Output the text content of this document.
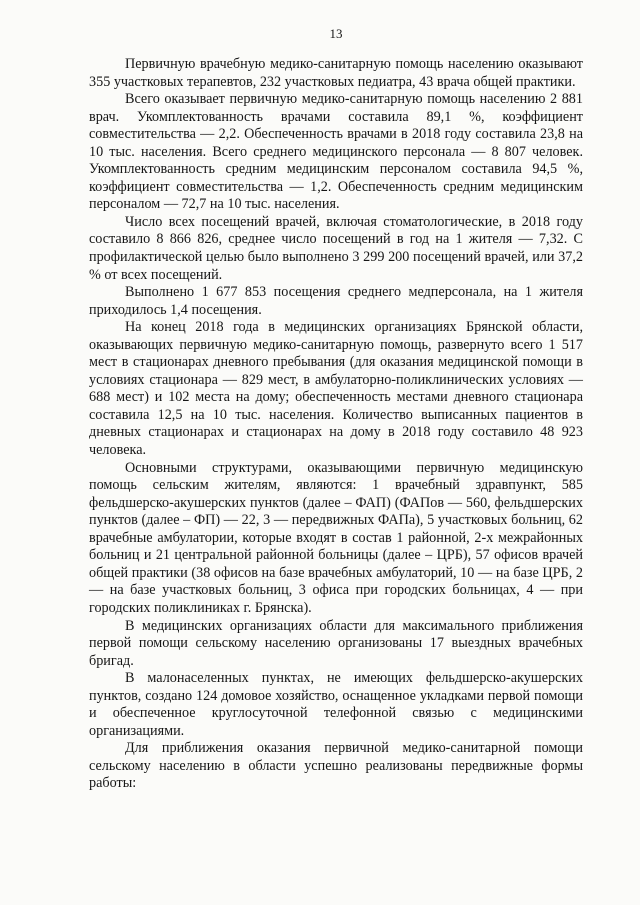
13

Первичную врачебную медико-санитарную помощь населению оказывают 355 участковых терапевтов, 232 участковых педиатра, 43 врача общей практики.

Всего оказывает первичную медико-санитарную помощь населению 2 881 врач. Укомплектованность врачами составила 89,1 %, коэффициент совместительства — 2,2. Обеспеченность врачами в 2018 году составила 23,8 на 10 тыс. населения. Всего среднего медицинского персонала — 8 807 человек. Укомплектованность средним медицинским персоналом составила 94,5 %, коэффициент совместительства — 1,2. Обеспеченность средним медицинским персоналом — 72,7 на 10 тыс. населения.

Число всех посещений врачей, включая стоматологические, в 2018 году составило 8 866 826, среднее число посещений в год на 1 жителя — 7,32. С профилактической целью было выполнено 3 299 200 посещений врачей, или 37,2 % от всех посещений.

Выполнено 1 677 853 посещения среднего медперсонала, на 1 жителя приходилось 1,4 посещения.

На конец 2018 года в медицинских организациях Брянской области, оказывающих первичную медико-санитарную помощь, развернуто всего 1 517 мест в стационарах дневного пребывания (для оказания медицинской помощи в условиях стационара — 829 мест, в амбулаторно-поликлинических условиях — 688 мест) и 102 места на дому; обеспеченность местами дневного стационара составила 12,5 на 10 тыс. населения. Количество выписанных пациентов в дневных стационарах и стационарах на дому в 2018 году составило 48 923 человека.

Основными структурами, оказывающими первичную медицинскую помощь сельским жителям, являются: 1 врачебный здравпункт, 585 фельдшерско-акушерских пунктов (далее – ФАП) (ФАПов — 560, фельдшерских пунктов (далее – ФП) — 22, 3 — передвижных ФАПа), 5 участковых больниц, 62 врачебные амбулатории, которые входят в состав 1 районной, 2-х межрайонных больниц и 21 центральной районной больницы (далее – ЦРБ), 57 офисов врачей общей практики (38 офисов на базе врачебных амбулаторий, 10 — на базе ЦРБ, 2 — на базе участковых больниц, 3 офиса при городских больницах, 4 — при городских поликлиниках г. Брянска).

В медицинских организациях области для максимального приближения первой помощи сельскому населению организованы 17 выездных врачебных бригад.

В малонаселенных пунктах, не имеющих фельдшерско-акушерских пунктов, создано 124 домовое хозяйство, оснащенное укладками первой помощи и обеспеченное круглосуточной телефонной связью с медицинскими организациями.

Для приближения оказания первичной медико-санитарной помощи сельскому населению в области успешно реализованы передвижные формы работы:
